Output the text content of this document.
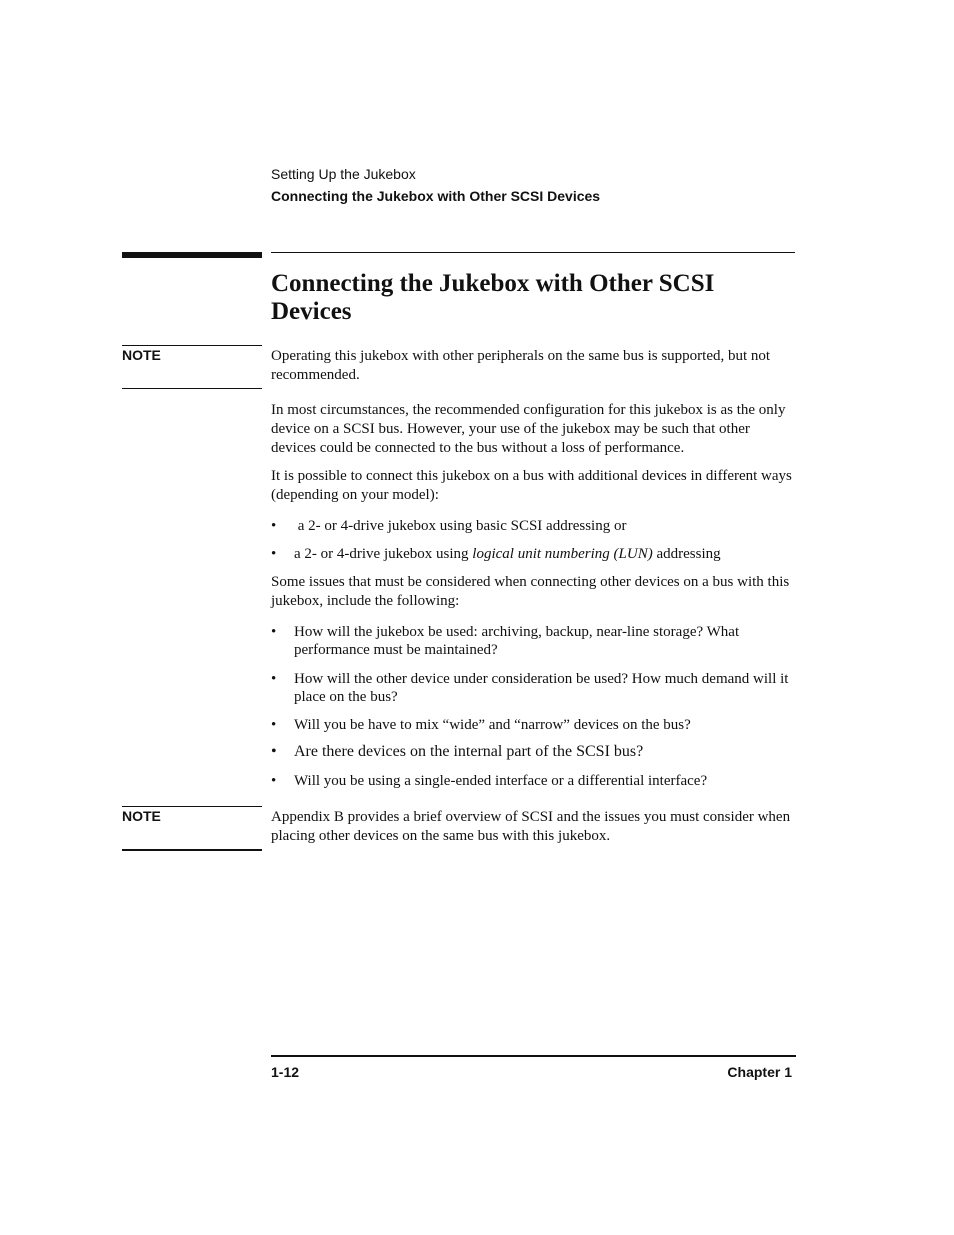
Setting Up the Jukebox
Connecting the Jukebox with Other SCSI Devices
Connecting the Jukebox with Other SCSI
Devices
NOTE	Operating this jukebox with other peripherals on the same bus is supported, but not recommended.
In most circumstances, the recommended configuration for this jukebox is as the only device on a SCSI bus. However, your use of the jukebox may be such that other devices could be connected to the bus without a loss of performance.
It is possible to connect this jukebox on a bus with additional devices in different ways (depending on your model):
• a 2- or 4-drive jukebox using basic SCSI addressing or
• a 2- or 4-drive jukebox using logical unit numbering (LUN) addressing
Some issues that must be considered when connecting other devices on a bus with this jukebox, include the following:
• How will the jukebox be used: archiving, backup, near-line storage? What performance must be maintained?
• How will the other device under consideration be used? How much demand will it place on the bus?
• Will you be have to mix “wide” and “narrow” devices on the bus?
• Are there devices on the internal part of the SCSI bus?
• Will you be using a single-ended interface or a differential interface?
NOTE	Appendix B provides a brief overview of SCSI and the issues you must consider when placing other devices on the same bus with this jukebox.
1-12	Chapter 1
